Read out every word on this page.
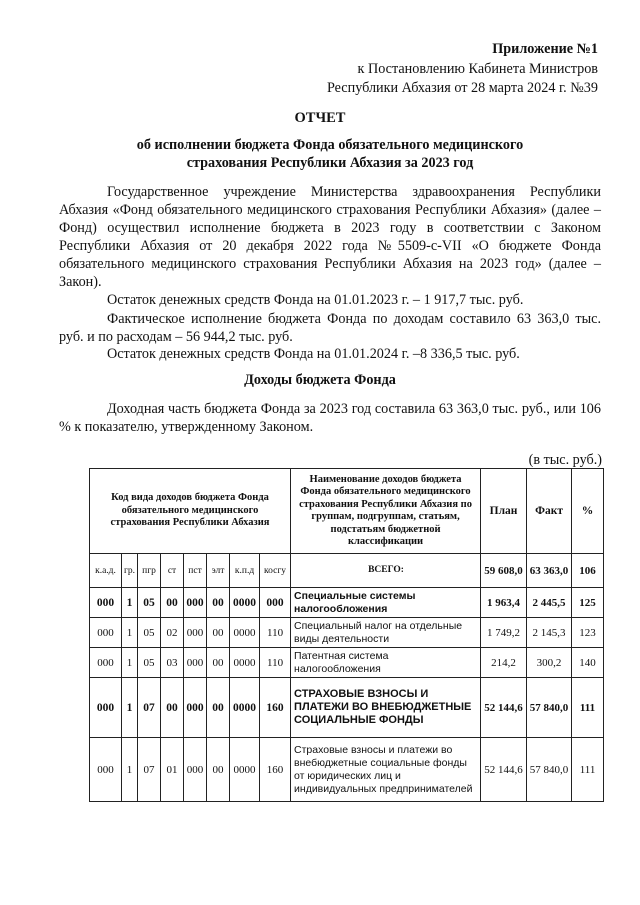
Приложение №1
к Постановлению Кабинета Министров
Республики Абхазия от 28 марта 2024 г. №39
ОТЧЕТ
об исполнении бюджета Фонда обязательного медицинского страхования Республики Абхазия за 2023 год
Государственное учреждение Министерства здравоохранения Республики Абхазия «Фонд обязательного медицинского страхования Республики Абхазия» (далее – Фонд) осуществил исполнение бюджета в 2023 году в соответствии с Законом Республики Абхазия от 20 декабря 2022 года №5509-с-VII «О бюджете Фонда обязательного медицинского страхования Республики Абхазия на 2023 год» (далее – Закон).
Остаток денежных средств Фонда на 01.01.2023 г. – 1 917,7 тыс. руб.
Фактическое исполнение бюджета Фонда по доходам составило 63 363,0 тыс. руб. и по расходам – 56 944,2 тыс. руб.
Остаток денежных средств Фонда на 01.01.2024 г. –8 336,5 тыс. руб.
Доходы бюджета Фонда
Доходная часть бюджета Фонда за 2023 год составила 63 363,0 тыс. руб., или 106 % к показателю, утвержденному Законом.
(в тыс. руб.)
Код вида доходов бюджета Фонда обязательного медицинского страхования Республики Абхазия								Наименование доходов бюджета Фонда обязательного медицинского страхования Республики Абхазия по группам, подгруппам, статьям, подстатьям бюджетной классификации	План	Факт	%
к.а.д.	гр.	пгр	ст	пст	элт	к.п.д	косгу	ВСЕГО:	59 608,0	63 363,0	106
000	1	05	00	000	00	0000	000	Специальные системы налогообложения	1 963,4	2 445,5	125
000	1	05	02	000	00	0000	110	Специальный налог на отдельные виды деятельности	1 749,2	2 145,3	123
000	1	05	03	000	00	0000	110	Патентная система налогообложения	214,2	300,2	140
000	1	07	00	000	00	0000	160	СТРАХОВЫЕ ВЗНОСЫ И ПЛАТЕЖИ ВО ВНЕБЮДЖЕТНЫЕ СОЦИАЛЬНЫЕ ФОНДЫ	52 144,6	57 840,0	111
000	1	07	01	000	00	0000	160	Страховые взносы и платежи во внебюджетные социальные фонды от юридических лиц и индивидуальных предпринимателей	52 144,6	57 840,0	111
